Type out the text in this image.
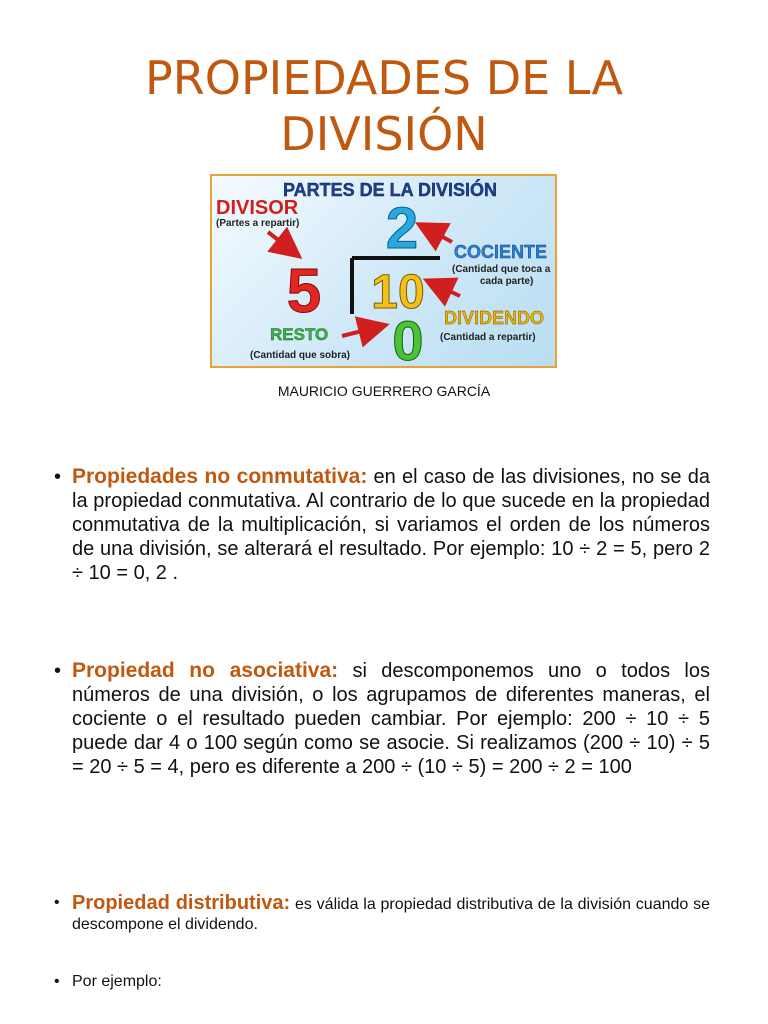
PROPIEDADES DE LA
DIVISIÓN
PARTES DE LA DIVISIÓN
DIVISOR
(Partes a repartir) 2 COCIENTE
(Cantidad que toca a
cada parte)
5 10 DIVIDENDO
(Cantidad a repartir)
RESTO
(Cantidad que sobra) 0
MAURICIO GUERRERO GARCÍA
• Propiedades no conmutativa: en el caso de las divisiones, no se da la propiedad conmutativa. Al contrario de lo que sucede en la propiedad conmutativa de la multiplicación, si variamos el orden de los números de una división, se alterará el resultado. Por ejemplo: 10 ÷ 2 = 5, pero 2 ÷ 10 = 0, 2 .
• Propiedad no asociativa: si descomponemos uno o todos los números de una división, o los agrupamos de diferentes maneras, el cociente o el resultado pueden cambiar. Por ejemplo: 200 ÷ 10 ÷ 5 puede dar 4 o 100 según como se asocie. Si realizamos (200 ÷ 10) ÷ 5 = 20 ÷ 5 = 4, pero es diferente a 200 ÷ (10 ÷ 5) = 200 ÷ 2 = 100
• Propiedad distributiva: es válida la propiedad distributiva de la división cuando se descompone el dividendo.
• Por ejemplo:
